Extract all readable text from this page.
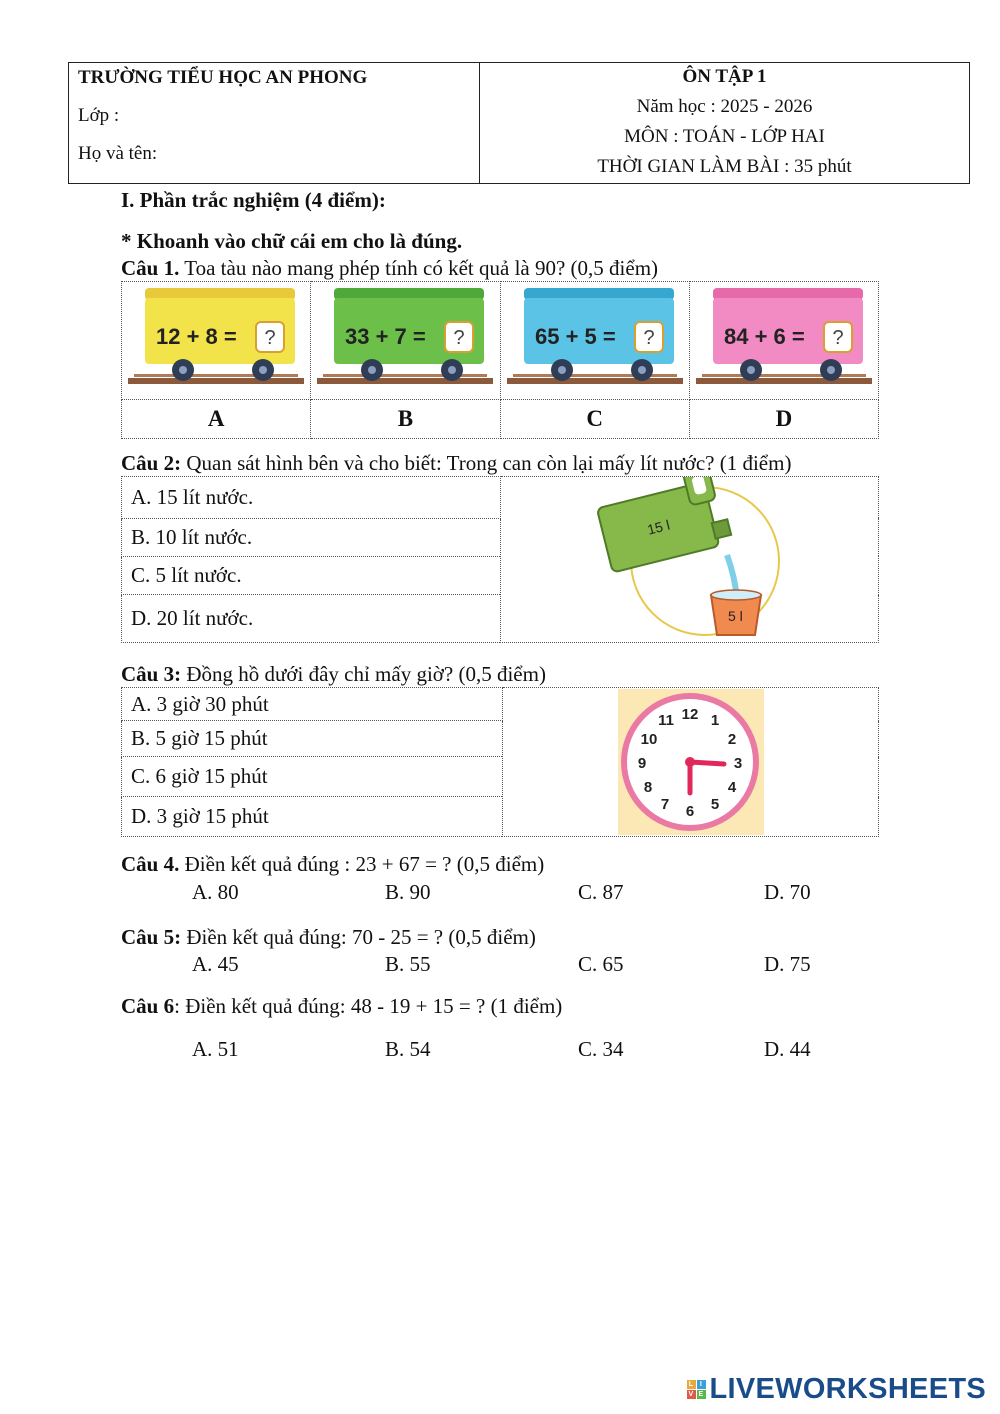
TRƯỜNG TIỂU HỌC AN PHONG
Lớp :
Họ và tên:
ÔN TẬP 1
Năm học : 2025 - 2026
MÔN : TOÁN - LỚP HAI
THỜI GIAN LÀM BÀI : 35 phút
I. Phần trắc nghiệm (4 điểm):
* Khoanh vào chữ cái em cho là đúng.
Câu 1. Toa tàu nào mang phép tính có kết quả là 90? (0,5 điểm)
12 + 8 = ?	33 + 7 = ?	65 + 5 = ?	84 + 6 = ?

A	B	C	D
Câu 2: Quan sát hình bên và cho biết: Trong can còn lại mấy lít nước? (1 điểm)
A. 15 lít nước.	
15 l
5 l

B. 10 lít nước.
C. 5 lít nước.
D. 20 lít nước.
Câu 3: Đồng hồ dưới đây chỉ mấy giờ? (0,5 điểm)
A. 3 giờ 30 phút	12 1
2
3
4
5
6
7
8
9
10
11

B. 5 giờ 15 phút
C. 6 giờ 15 phút
D. 3 giờ 15 phút
Câu 4. Điền kết quả đúng : 23 + 67 = ? (0,5 điểm)
A. 80	B. 90	C. 87	D. 70
Câu 5: Điền kết quả đúng: 70 - 25 = ? (0,5 điểm)
A. 45	B. 55	C. 65	D. 75
Câu 6: Điền kết quả đúng: 48 - 19 + 15 = ? (1 điểm)
A. 51	B. 54	C. 34	D. 44
L I
V E LIVEWORKSHEETS
